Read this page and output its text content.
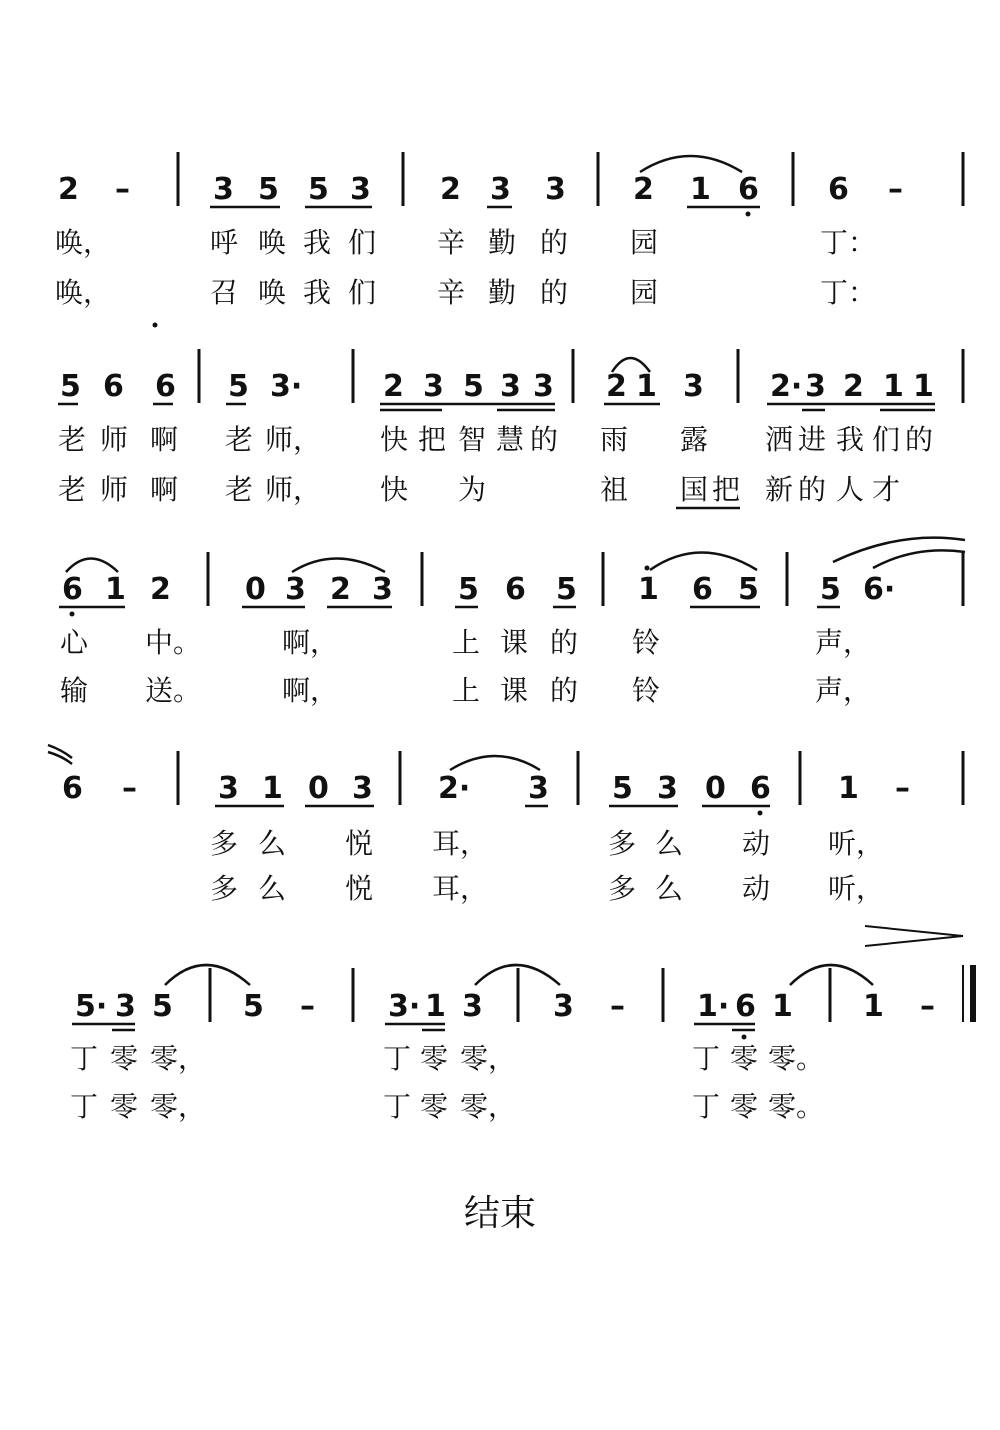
2 –	3 5 5 3 2 3 3 2 1 6 6 –
唤，	呼 唤 我 们 辛 勤 的 园	丁：
唤，	召 唤 我 们 辛 勤 的 园	丁：
5 6 6 5 3·	2 3 5 3 3 2 1 3 2· 3 2 1 1
老 师 啊 老 师， 快 把 智 慧 的 雨 露 洒 进 我 们 的
老 师 啊 老 师， 快 为	祖 国 把 新 的 人 才
6 1 2 0 3 2 3 5 6 5 1 6 5 5 6·
心 中。	啊，	上 课 的 铃	声，
输 送。	啊，	上 课 的 铃	声，
6 –	3 1 0 3 2· 3 5 3 0 6 1 –
多 么 悦 耳，	多 么 动 听，
多 么 悦 耳，	多 么 动 听，
5· 3 5 5 – 3· 1 3 3 – 1· 6 1 1 –
丁 零 零，	丁 零 零，	丁 零 零。
丁 零 零，	丁 零 零，	丁 零 零。
结束
